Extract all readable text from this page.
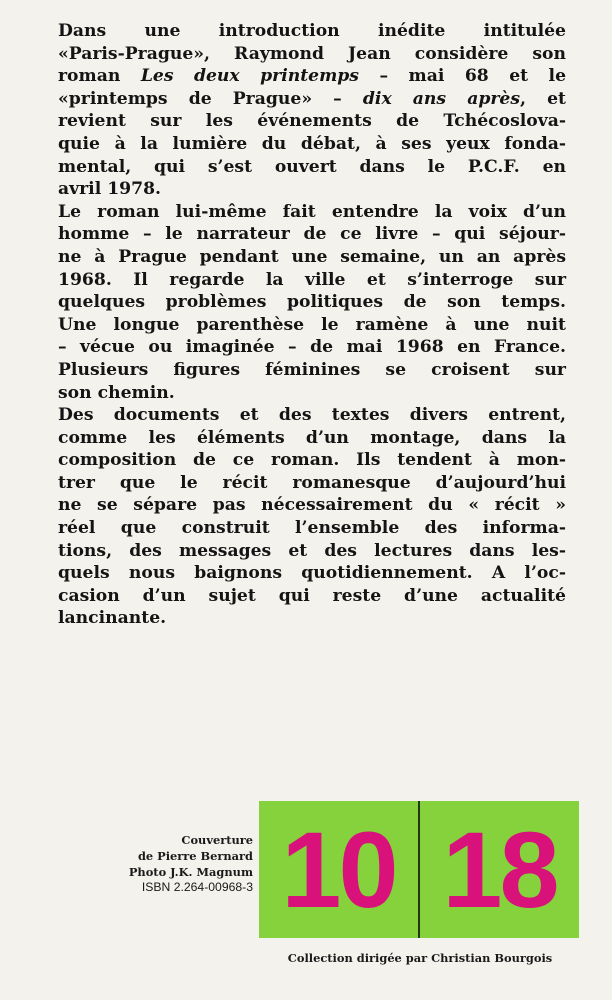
Dans une introduction inédite intitulée
«Paris-Prague», Raymond Jean considère son
roman Les deux printemps – mai 68 et le
«printemps de Prague» – dix ans après, et
revient sur les événements de Tchécoslova-
quie à la lumière du débat, à ses yeux fonda-
mental, qui s’est ouvert dans le P.C.F. en
avril 1978.
Le roman lui-même fait entendre la voix d’un
homme – le narrateur de ce livre – qui séjour-
ne à Prague pendant une semaine, un an après
1968. Il regarde la ville et s’interroge sur
quelques problèmes politiques de son temps.
Une longue parenthèse le ramène à une nuit
– vécue ou imaginée – de mai 1968 en France.
Plusieurs figures féminines se croisent sur
son chemin.
Des documents et des textes divers entrent,
comme les éléments d’un montage, dans la
composition de ce roman. Ils tendent à mon-
trer que le récit romanesque d’aujourd’hui
ne se sépare pas nécessairement du « récit »
réel que construit l’ensemble des informa-
tions, des messages et des lectures dans les-
quels nous baignons quotidiennement. A l’oc-
casion d’un sujet qui reste d’une actualité
lancinante.
Couverture
de Pierre Bernard
Photo J.K. Magnum
ISBN 2.264-00968-3 10 18
Collection dirigée par Christian Bourgois
